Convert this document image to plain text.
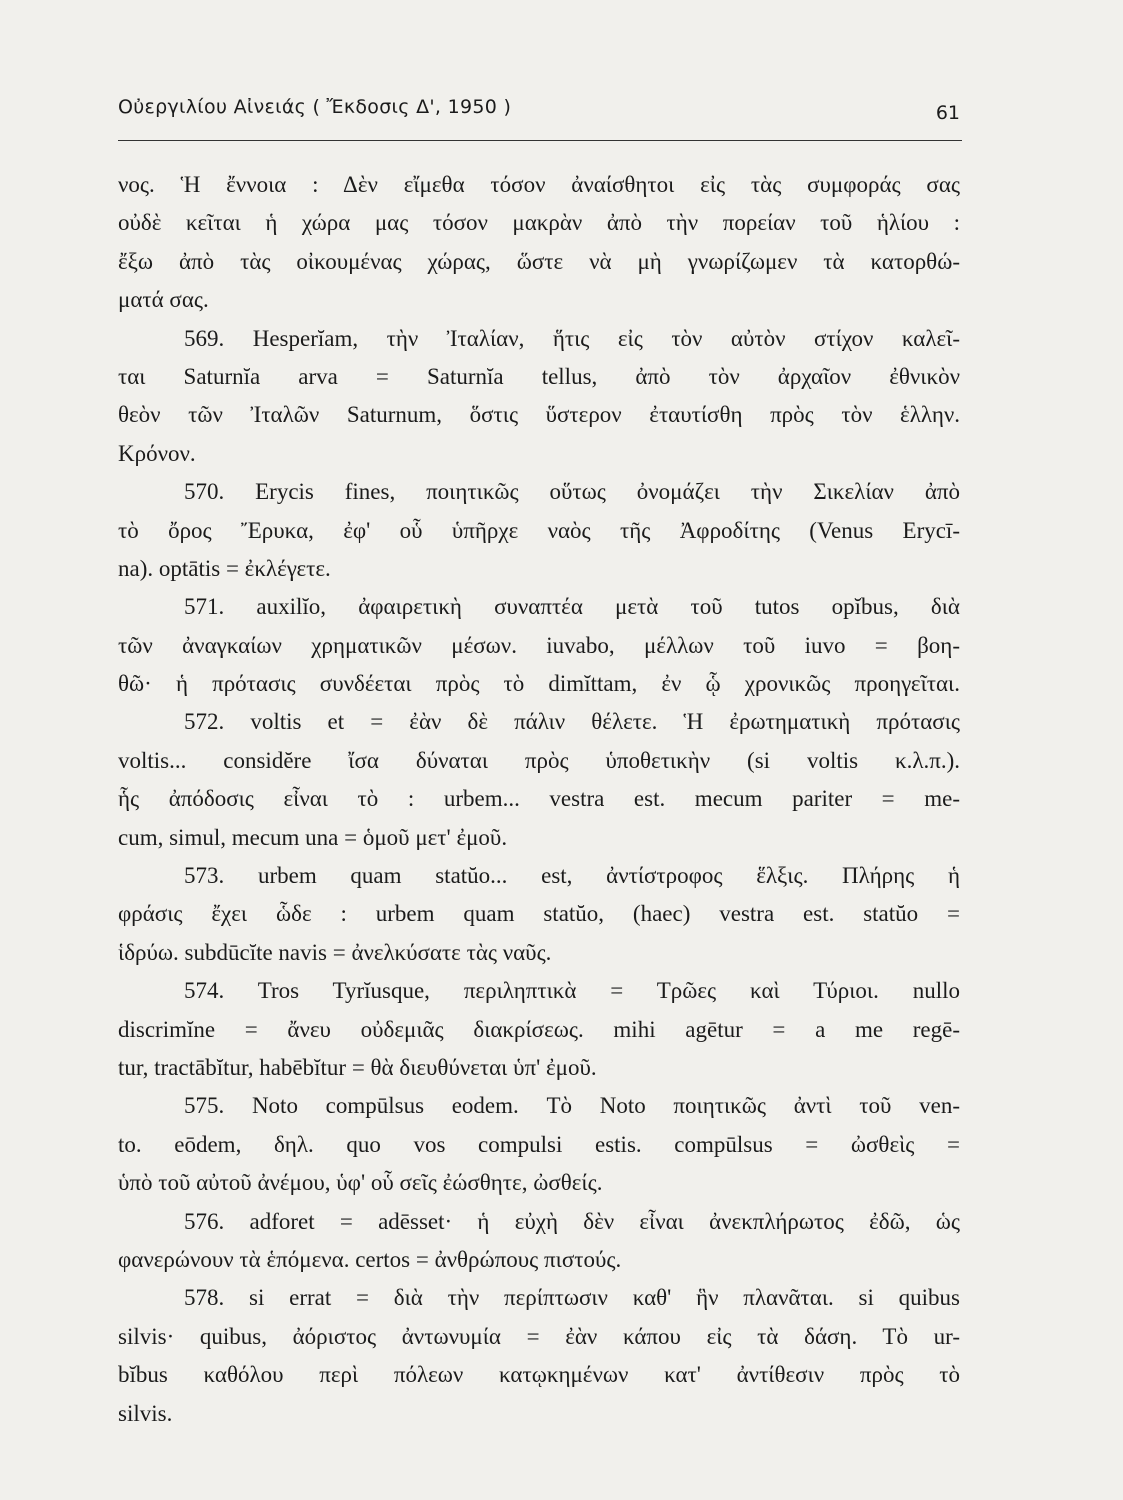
Οὐεργιλίου Αἰνειάς ( Ἔκδοσις Δ', 1950 )	61
νος. Ἡ ἔννοια : Δὲν εἴμεθα τόσον ἀναίσθητοι εἰς τὰς συμφοράς σας
οὐδὲ κεῖται ἡ χώρα μας τόσον μακρὰν ἀπὸ τὴν πορείαν τοῦ ἡλίου :
ἔξω ἀπὸ τὰς οἰκουμένας χώρας, ὥστε νὰ μὴ γνωρίζωμεν τὰ κατορθώ-
ματά σας.
569. Hesperĭam, τὴν Ἰταλίαν, ἥτις εἰς τὸν αὐτὸν στίχον καλεῖ-
ται Saturnĭa arva = Saturnĭa tellus, ἀπὸ τὸν ἀρχαῖον ἐθνικὸν
θεὸν τῶν Ἰταλῶν Saturnum, ὅστις ὕστερον ἐταυτίσθη πρὸς τὸν ἑλλην.
Κρόνον.
570. Erycis fines, ποιητικῶς οὕτως ὀνομάζει τὴν Σικελίαν ἀπὸ
τὸ ὄρος Ἔρυκα, ἐφ' οὗ ὑπῆρχε ναὸς τῆς Ἀφροδίτης (Venus Erycī-
na). optātis = ἐκλέγετε.
571. auxilĭo, ἀφαιρετικὴ συναπτέα μετὰ τοῦ tutos opĭbus, διὰ
τῶν ἀναγκαίων χρηματικῶν μέσων. iuvabo, μέλλων τοῦ iuvo = βοη-
θῶ· ἡ πρότασις συνδέεται πρὸς τὸ dimĭttam, ἐν ᾧ χρονικῶς προηγεῖται.
572. voltis et = ἐὰν δὲ πάλιν θέλετε. Ἡ ἐρωτηματικὴ πρότασις
voltis... considĕre ἴσα δύναται πρὸς ὑποθετικὴν (si voltis κ.λ.π.).
ἧς ἀπόδοσις εἶναι τὸ : urbem... vestra est. mecum pariter = me-
cum, simul, mecum una = ὁμοῦ μετ' ἐμοῦ.
573. urbem quam statŭo... est, ἀντίστροφος ἕλξις. Πλήρης ἡ
φράσις ἔχει ὧδε : urbem quam statŭo, (haec) vestra est. statŭo =
ἱδρύω. subdūcĭte navis = ἀνελκύσατε τὰς ναῦς.
574. Tros Tyrĭusque, περιληπτικὰ = Τρῶες καὶ Τύριοι. nullo
discrimĭne = ἄνευ οὐδεμιᾶς διακρίσεως. mihi agētur = a me regē-
tur, tractābĭtur, habēbĭtur = θὰ διευθύνεται ὑπ' ἐμοῦ.
575. Noto compūlsus eodem. Τὸ Noto ποιητικῶς ἀντὶ τοῦ ven-
to. eōdem, δηλ. quo vos compulsi estis. compūlsus = ὠσθεὶς =
ὑπὸ τοῦ αὐτοῦ ἀνέμου, ὑφ' οὗ σεῖς ἐώσθητε, ὠσθείς.
576. adforet = adēsset· ἡ εὐχὴ δὲν εἶναι ἀνεκπλήρωτος ἐδῶ, ὡς
φανερώνουν τὰ ἑπόμενα. certos = ἀνθρώπους πιστούς.
578. si errat = διὰ τὴν περίπτωσιν καθ' ἣν πλανᾶται. si quibus
silvis· quibus, ἀόριστος ἀντωνυμία = ἐὰν κάπου εἰς τὰ δάση. Τὸ ur-
bĭbus καθόλου περὶ πόλεων κατῳκημένων κατ' ἀντίθεσιν πρὸς τὸ
silvis.
